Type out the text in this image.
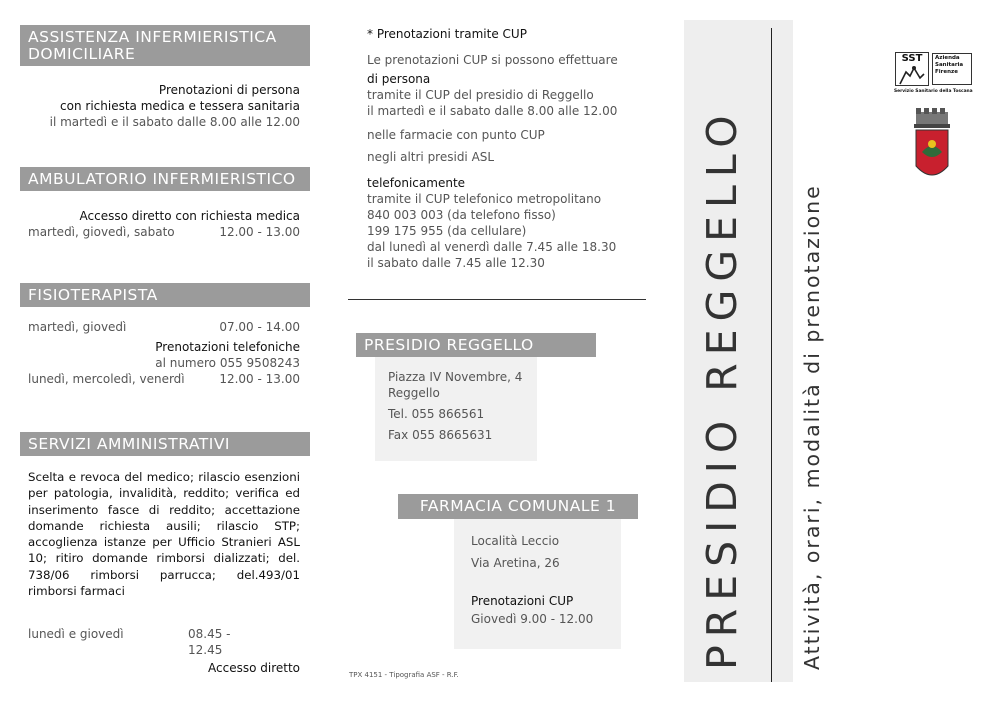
ASSISTENZA INFERMIERISTICA
DOMICILIARE
Prenotazioni di persona
con richiesta medica e tessera sanitaria
il martedì e il sabato dalle 8.00 alle 12.00
AMBULATORIO INFERMIERISTICO
Accesso diretto con richiesta medica
martedì, giovedì, sabato	12.00 - 13.00
FISIOTERAPISTA
martedì, giovedì	07.00 - 14.00
Prenotazioni telefoniche
al numero 055 9508243
lunedì, mercoledì, venerdì	12.00 - 13.00
SERVIZI AMMINISTRATIVI
Scelta e revoca del medico; rilascio esenzioni per patologia, invalidità, reddito; verifica ed inserimento fasce di reddito; accettazione domande richiesta ausili; rilascio STP; accoglienza istanze per Ufficio Stranieri ASL 10; ritiro domande rimborsi dializzati; del. 738/06 rimborsi parrucca; del.493/01 rimborsi farmaci
lunedì e giovedì	08.45 - 12.45
Accesso diretto
* Prenotazioni tramite CUP
Le prenotazioni CUP si possono effettuare
di persona
tramite il CUP del presidio di Reggello
il martedì e il sabato dalle 8.00 alle 12.00
nelle farmacie con punto CUP
negli altri presidi ASL
telefonicamente
tramite il CUP telefonico metropolitano
840 003 003 (da telefono fisso)
199 175 955 (da cellulare)
dal lunedì al venerdì dalle 7.45 alle 18.30
il sabato dalle 7.45 alle 12.30
PRESIDIO REGGELLO
Piazza IV Novembre, 4
Reggello
Tel. 055 866561
Fax 055 8665631
FARMACIA COMUNALE 1
Località Leccio
Via Aretina, 26
Prenotazioni CUP
Giovedì 9.00 - 12.00
TPX 4151 - Tipografia ASF - R.F.
PRESIDIO REGGELLO	Attività, orari, modalità di prenotazione
SST	Azienda
Sanitaria
Firenze
Servizio Sanitario della Toscana
